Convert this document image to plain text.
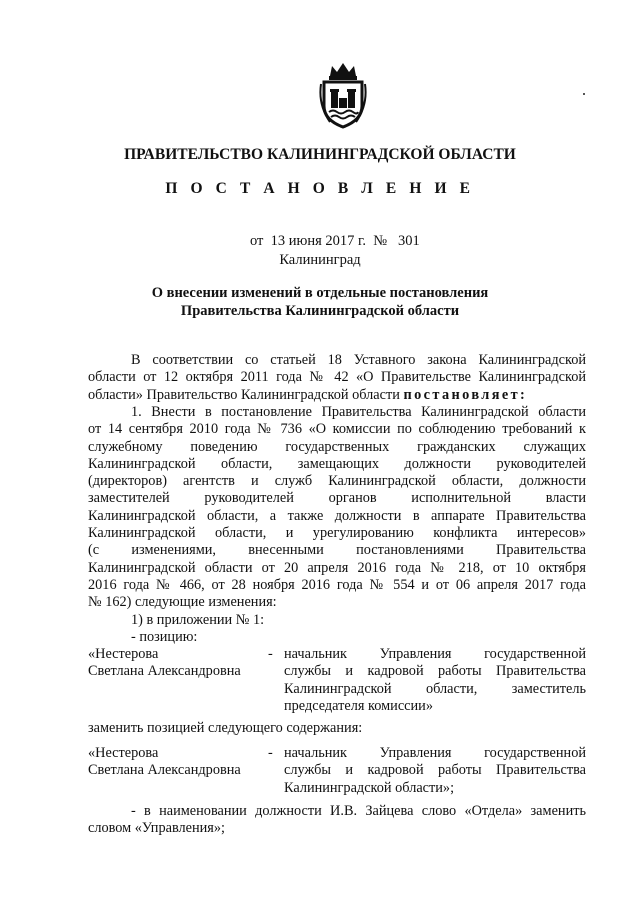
ПРАВИТЕЛЬСТВО КАЛИНИНГРАДСКОЙ ОБЛАСТИ
П О С Т А Н О В Л Е Н И Е
от 13 июня 2017 г. № 301
Калининград
О внесении изменений в отдельные постановления
Правительства Калининградской области
В соответствии со статьей 18 Уставного закона Калининградской
области от 12 октября 2011 года № 42 «О Правительстве Калининградской
области» Правительство Калининградской области постановляет:
1. Внести в постановление Правительства Калининградской области
от 14 сентября 2010 года № 736 «О комиссии по соблюдению требований к
служебному поведению государственных гражданских служащих
Калининградской области, замещающих должности руководителей
(директоров) агентств и служб Калининградской области, должности
заместителей руководителей органов исполнительной власти
Калининградской области, а также должности в аппарате Правительства
Калининградской области, и урегулированию конфликта интересов»
(с изменениями, внесенными постановлениями Правительства
Калининградской области от 20 апреля 2016 года № 218, от 10 октября
2016 года № 466, от 28 ноября 2016 года № 554 и от 06 апреля 2017 года
№ 162) следующие изменения:
1) в приложении № 1:
- позицию:
«Нестерова
Светлана Александровна
- начальник Управления государственной
службы и кадровой работы Правительства
Калининградской области, заместитель
председателя комиссии»
заменить позицией следующего содержания:
«Нестерова
Светлана Александровна
- начальник Управления государственной
службы и кадровой работы Правительства
Калининградской области»;
- в наименовании должности И.В. Зайцева слово «Отдела» заменить
словом «Управления»;
